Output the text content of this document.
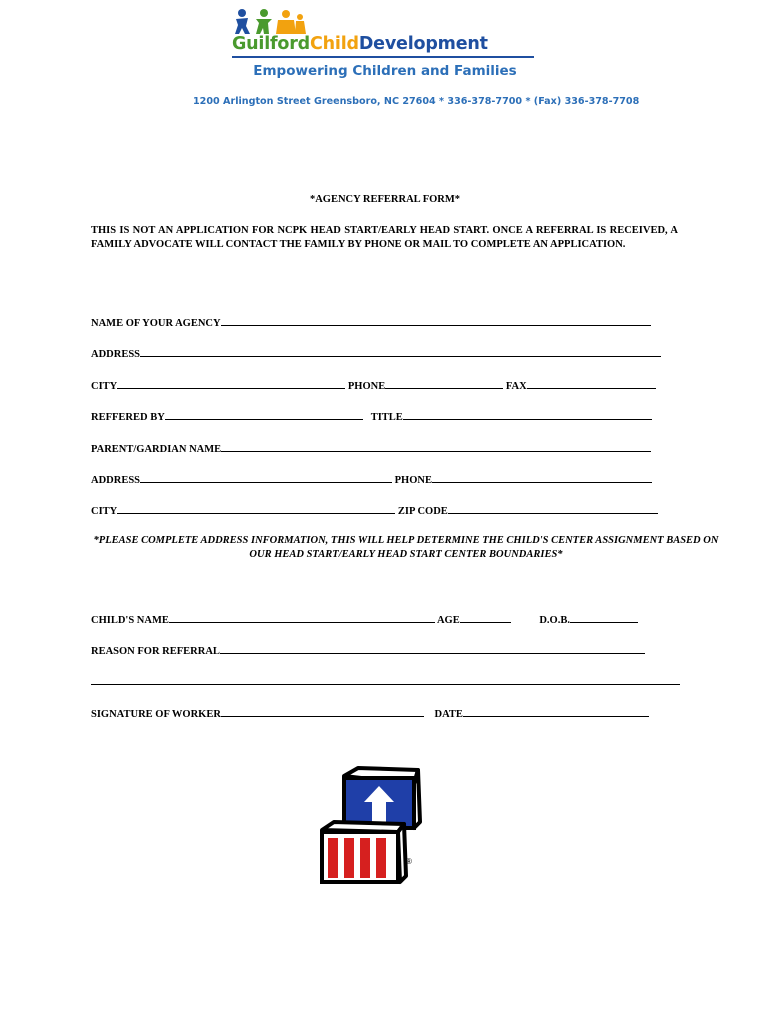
GuilfordChildDevelopment
Empowering Children and Families
1200 Arlington Street Greensboro, NC 27604 * 336-378-7700 * (Fax) 336-378-7708
*AGENCY REFERRAL FORM*
THIS IS NOT AN APPLICATION FOR NCPK HEAD START/EARLY HEAD START. ONCE A REFERRAL IS RECEIVED, A FAMILY ADVOCATE WILL CONTACT THE FAMILY BY PHONE OR MAIL TO COMPLETE AN APPLICATION.
NAME OF YOUR AGENCY
ADDRESS
CITY	PHONE	FAX
REFFERED BY	TITLE
PARENT/GARDIAN NAME
ADDRESS	PHONE
CITY	ZIP CODE
*PLEASE COMPLETE ADDRESS INFORMATION, THIS WILL HELP DETERMINE THE CHILD'S CENTER ASSIGNMENT BASED ON OUR HEAD START/EARLY HEAD START CENTER BOUNDARIES*
CHILD'S NAME	AGE	D.O.B.
REASON FOR REFERRAL
SIGNATURE OF WORKER	DATE
®
